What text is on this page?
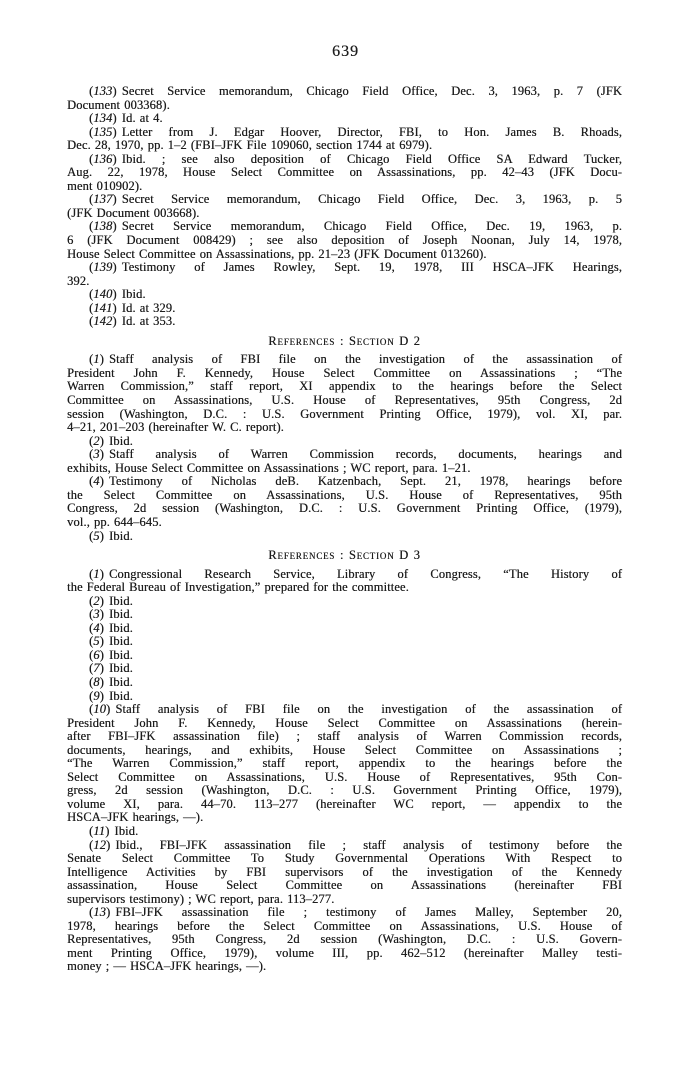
639
(133) Secret Service memorandum, Chicago Field Office, Dec. 3, 1963, p. 7 (JFK
Document 003368).
(134) Id. at 4.
(135) Letter from J. Edgar Hoover, Director, FBI, to Hon. James B. Rhoads,
Dec. 28, 1970, pp. 1–2 (FBI–JFK File 109060, section 1744 at 6979).
(136) Ibid. ; see also deposition of Chicago Field Office SA Edward Tucker,
Aug. 22, 1978, House Select Committee on Assassinations, pp. 42–43 (JFK Docu-
ment 010902).
(137) Secret Service memorandum, Chicago Field Office, Dec. 3, 1963, p. 5
(JFK Document 003668).
(138) Secret Service memorandum, Chicago Field Office, Dec. 19, 1963, p.
6 (JFK Document 008429) ; see also deposition of Joseph Noonan, July 14, 1978,
House Select Committee on Assassinations, pp. 21–23 (JFK Document 013260).
(139) Testimony of James Rowley, Sept. 19, 1978, III HSCA–JFK Hearings,
392.
(140) Ibid.
(141) Id. at 329.
(142) Id. at 353.
References : Section D 2
(1) Staff analysis of FBI file on the investigation of the assassination of
President John F. Kennedy, House Select Committee on Assassinations ; “The
Warren Commission,” staff report, XI appendix to the hearings before the Select
Committee on Assassinations, U.S. House of Representatives, 95th Congress, 2d
session (Washington, D.C. : U.S. Government Printing Office, 1979), vol. XI, par.
4–21, 201–203 (hereinafter W. C. report).
(2) Ibid.
(3) Staff analysis of Warren Commission records, documents, hearings and
exhibits, House Select Committee on Assassinations ; WC report, para. 1–21.
(4) Testimony of Nicholas deB. Katzenbach, Sept. 21, 1978, hearings before
the Select Committee on Assassinations, U.S. House of Representatives, 95th
Congress, 2d session (Washington, D.C. : U.S. Government Printing Office, (1979),
vol., pp. 644–645.
(5) Ibid.
References : Section D 3
(1) Congressional Research Service, Library of Congress, “The History of
the Federal Bureau of Investigation,” prepared for the committee.
(2) Ibid.
(3) Ibid.
(4) Ibid.
(5) Ibid.
(6) Ibid.
(7) Ibid.
(8) Ibid.
(9) Ibid.
(10) Staff analysis of FBI file on the investigation of the assassination of
President John F. Kennedy, House Select Committee on Assassinations (herein-
after FBI–JFK assassination file) ; staff analysis of Warren Commission records,
documents, hearings, and exhibits, House Select Committee on Assassinations ;
“The Warren Commission,” staff report, appendix to the hearings before the
Select Committee on Assassinations, U.S. House of Representatives, 95th Con-
gress, 2d session (Washington, D.C. : U.S. Government Printing Office, 1979),
volume XI, para. 44–70. 113–277 (hereinafter WC report, — appendix to the
HSCA–JFK hearings, —).
(11) Ibid.
(12) Ibid., FBI–JFK assassination file ; staff analysis of testimony before the
Senate Select Committee To Study Governmental Operations With Respect to
Intelligence Activities by FBI supervisors of the investigation of the Kennedy
assassination, House Select Committee on Assassinations (hereinafter FBI
supervisors testimony) ; WC report, para. 113–277.
(13) FBI–JFK assassination file ; testimony of James Malley, September 20,
1978, hearings before the Select Committee on Assassinations, U.S. House of
Representatives, 95th Congress, 2d session (Washington, D.C. : U.S. Govern-
ment Printing Office, 1979), volume III, pp. 462–512 (hereinafter Malley testi-
money ; — HSCA–JFK hearings, —).
